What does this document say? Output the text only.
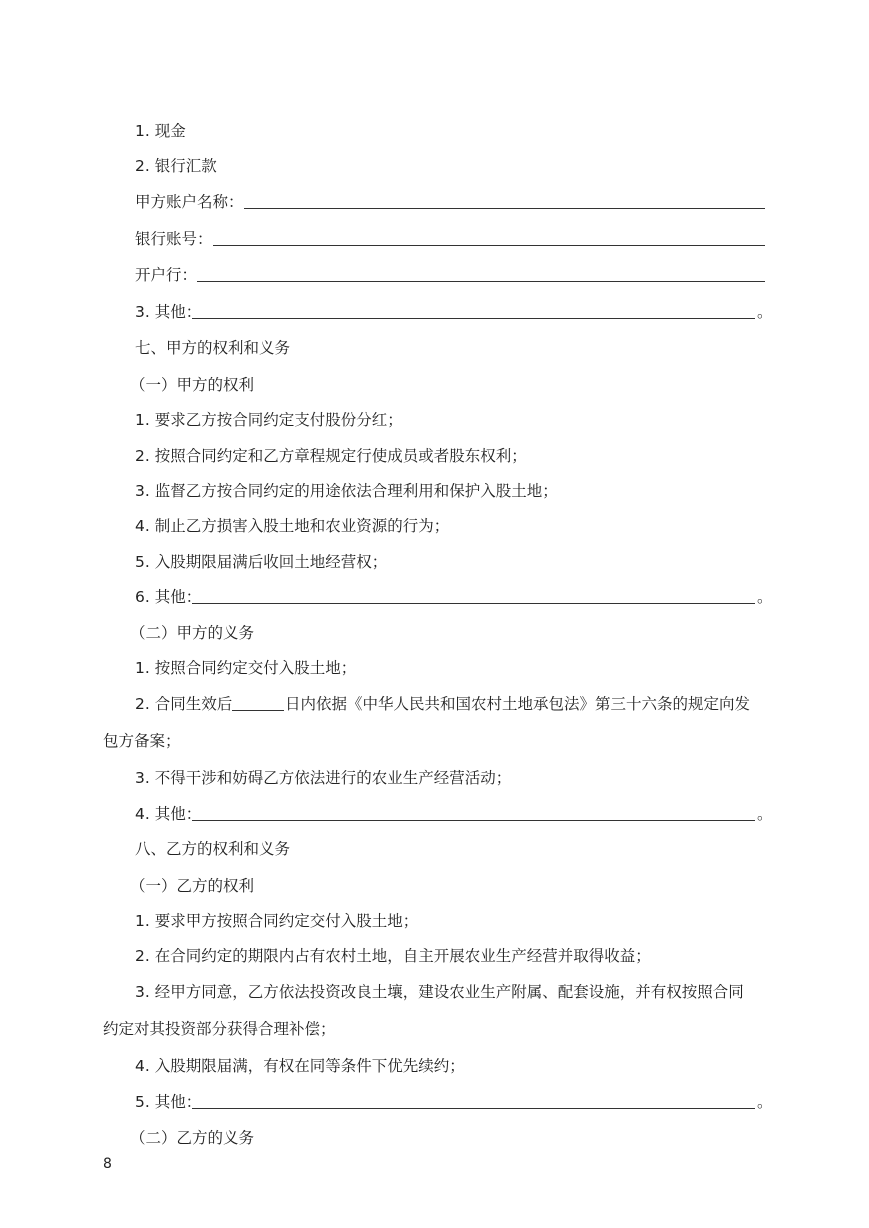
1. 现金
2. 银行汇款
甲方账户名称：
银行账号：
开户行：
3. 其他：	。
七、甲方的权利和义务
（一）甲方的权利
1. 要求乙方按合同约定支付股份分红；
2. 按照合同约定和乙方章程规定行使成员或者股东权利；
3. 监督乙方按合同约定的用途依法合理利用和保护入股土地；
4. 制止乙方损害入股土地和农业资源的行为；
5. 入股期限届满后收回土地经营权；
6. 其他：	。
（二）甲方的义务
1. 按照合同约定交付入股土地；
2. 合同生效后	日内依据《中华人民共和国农村土地承包法》第三十六条的规定向发
包方备案；
3. 不得干涉和妨碍乙方依法进行的农业生产经营活动；
4. 其他：	。
八、乙方的权利和义务
（一）乙方的权利
1. 要求甲方按照合同约定交付入股土地；
2. 在合同约定的期限内占有农村土地，自主开展农业生产经营并取得收益；
3. 经甲方同意，乙方依法投资改良土壤，建设农业生产附属、配套设施，并有权按照合同
约定对其投资部分获得合理补偿；
4. 入股期限届满，有权在同等条件下优先续约；
5. 其他：	。
（二）乙方的义务
8
